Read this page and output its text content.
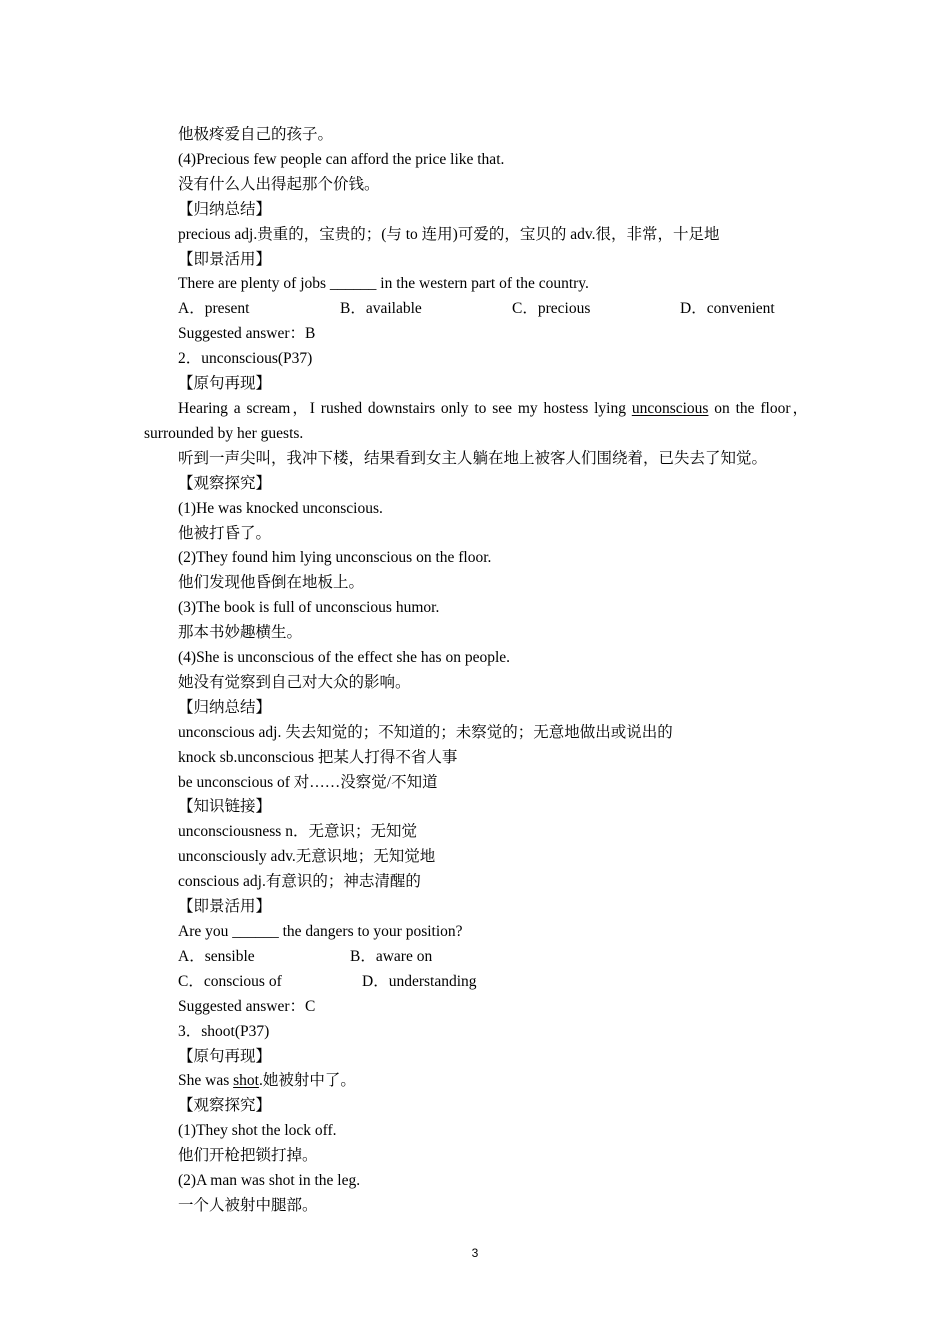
他极疼爱自己的孩子。
(4)Precious few people can afford the price like that.
没有什么人出得起那个价钱。
【归纳总结】
precious adj.贵重的，宝贵的；(与 to 连用)可爱的，宝贝的 adv.很，非常，十足地
【即景活用】
There are plenty of jobs ______ in the western part of the country.
A．present	B．available	C．precious	D．convenient
Suggested answer：B
2．unconscious(P37)
【原句再现】
Hearing a scream，I rushed downstairs only to see my hostess lying unconscious on the floor，surrounded by her guests.
听到一声尖叫，我冲下楼，结果看到女主人躺在地上被客人们围绕着，已失去了知觉。
【观察探究】
(1)He was knocked unconscious.
他被打昏了。
(2)They found him lying unconscious on the floor.
他们发现他昏倒在地板上。
(3)The book is full of unconscious humor.
那本书妙趣横生。
(4)She is unconscious of the effect she has on people.
她没有觉察到自己对大众的影响。
【归纳总结】
unconscious adj. 失去知觉的；不知道的；未察觉的；无意地做出或说出的
knock sb.unconscious 把某人打得不省人事
be unconscious of 对……没察觉/不知道
【知识链接】
unconsciousness n．无意识；无知觉
unconsciously adv.无意识地；无知觉地
conscious adj.有意识的；神志清醒的
【即景活用】
Are you ______ the dangers to your position?
A．sensible	B．aware on
C．conscious of	D．understanding
Suggested answer：C
3．shoot(P37)
【原句再现】
She was shot.她被射中了。
【观察探究】
(1)They shot the lock off.
他们开枪把锁打掉。
(2)A man was shot in the leg.
一个人被射中腿部。
3
